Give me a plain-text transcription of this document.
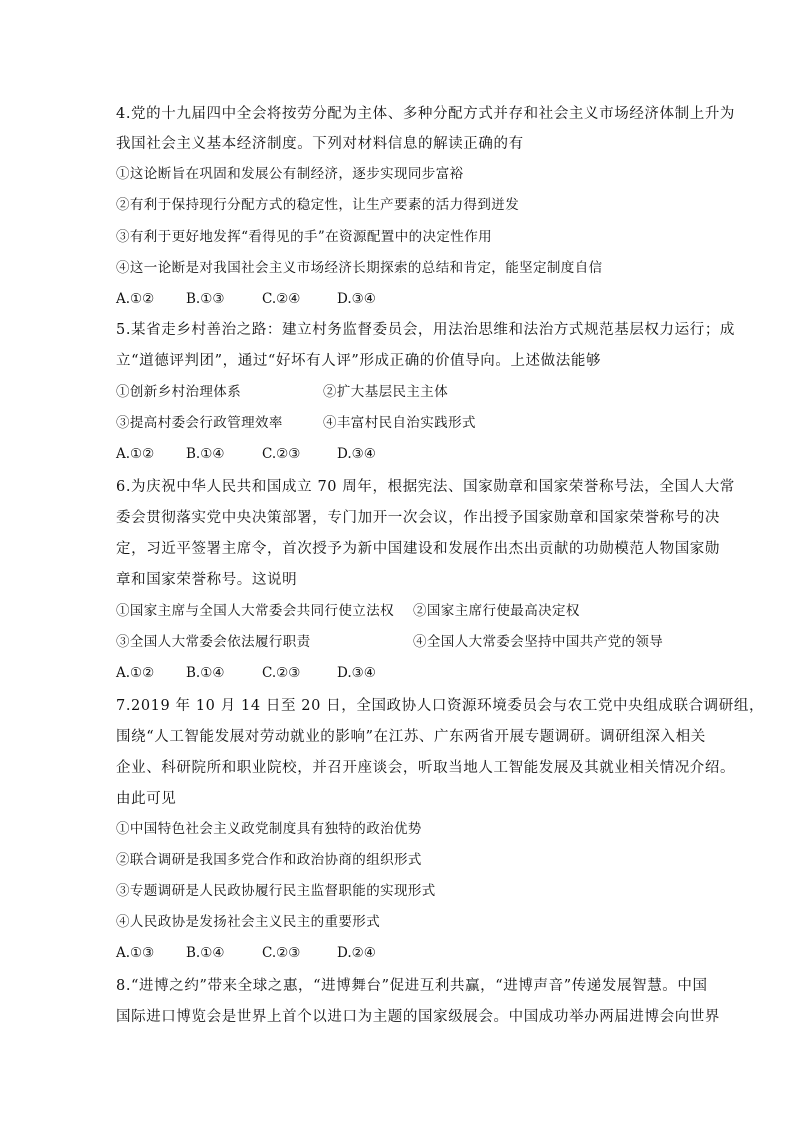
4.党的十九届四中全会将按劳分配为主体、多种分配方式并存和社会主义市场经济体制上升为
我国社会主义基本经济制度。下列对材料信息的解读正确的有
①这论断旨在巩固和发展公有制经济，逐步实现同步富裕
②有利于保持现行分配方式的稳定性，让生产要素的活力得到迸发
③有利于更好地发挥“看得见的手”在资源配置中的决定性作用
④这一论断是对我国社会主义市场经济长期探索的总结和肯定，能坚定制度自信
A.①② B.①③	C.②④	D.③④
5.某省走乡村善治之路：建立村务监督委员会，用法治思维和法治方式规范基层权力运行；成
立“道德评判团”，通过“好坏有人评”形成正确的价值导向。上述做法能够
①创新乡村治理体系	②扩大基层民主主体
③提高村委会行政管理效率	④丰富村民自治实践形式
A.①② B.①④	C.②③	D.③④
6.为庆祝中华人民共和国成立 70 周年，根据宪法、国家勋章和国家荣誉称号法，全国人大常
委会贯彻落实党中央决策部署，专门加开一次会议，作出授予国家勋章和国家荣誉称号的决
定，习近平签署主席令，首次授予为新中国建设和发展作出杰出贡献的功勋模范人物国家勋
章和国家荣誉称号。这说明
①国家主席与全国人大常委会共同行使立法权 ②国家主席行使最高决定权
③全国人大常委会依法履行职责	④全国人大常委会坚持中国共产党的领导
A.①② B.①④	C.②③	D.③④
7.2019 年 10 月 14 日至 20 日，全国政协人口资源环境委员会与农工党中央组成联合调研组，
围绕“人工智能发展对劳动就业的影响”在江苏、广东两省开展专题调研。调研组深入相关
企业、科研院所和职业院校，并召开座谈会，听取当地人工智能发展及其就业相关情况介绍。
由此可见
①中国特色社会主义政党制度具有独特的政治优势
②联合调研是我国多党合作和政治协商的组织形式
③专题调研是人民政协履行民主监督职能的实现形式
④人民政协是发扬社会主义民主的重要形式
A.①③ B.①④	C.②③	D.②④
8.“进博之约”带来全球之惠，“进博舞台”促进互利共赢，“进博声音”传递发展智慧。中国
国际进口博览会是世界上首个以进口为主题的国家级展会。中国成功举办两届进博会向世界
